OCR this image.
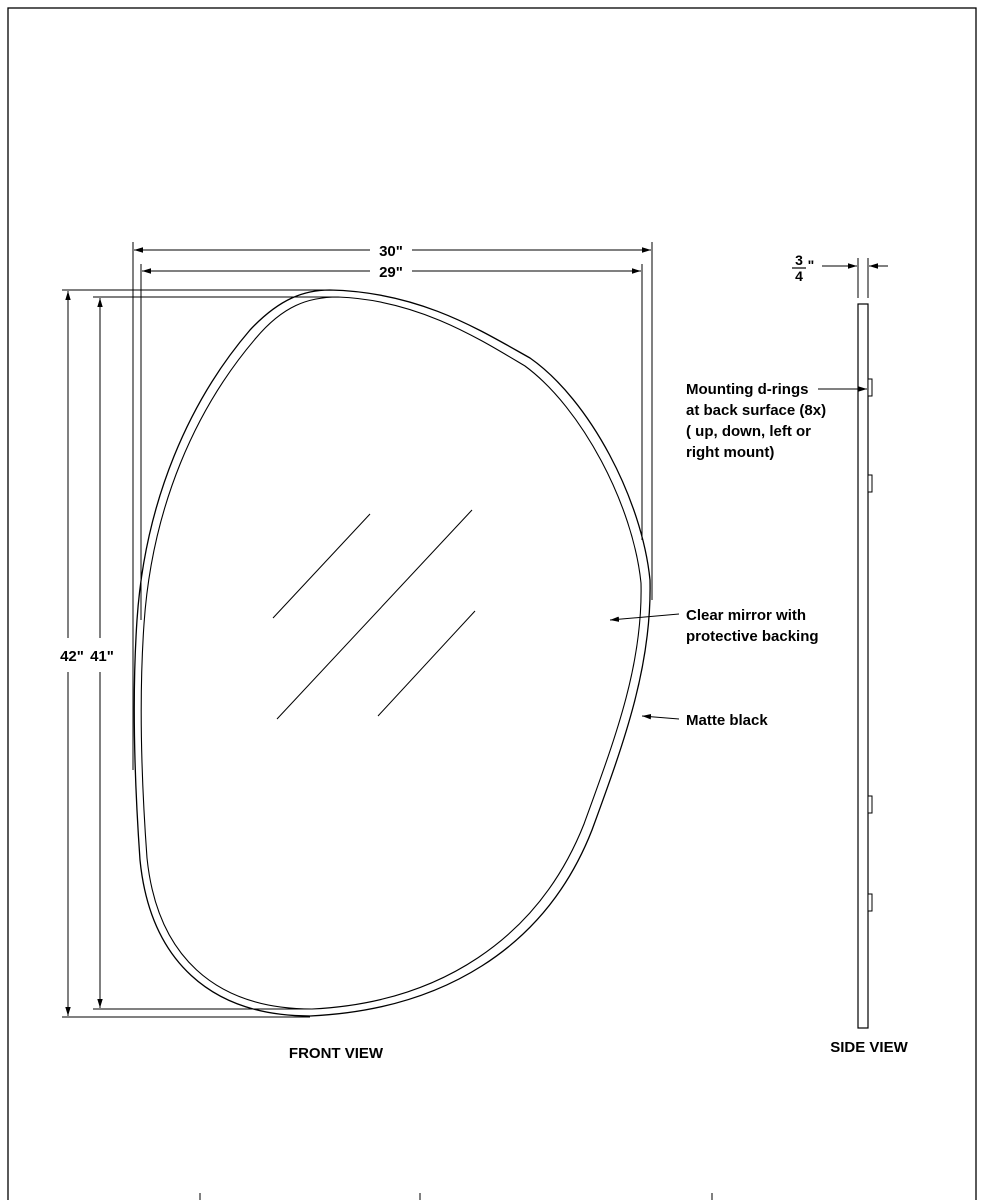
30"
29"
42" 41"
Clear mirror with
protective backing
Matte black
FRONT VIEW
3 "
4
Mounting d-rings
at back surface (8x)
( up, down, left or
right mount)
SIDE VIEW
